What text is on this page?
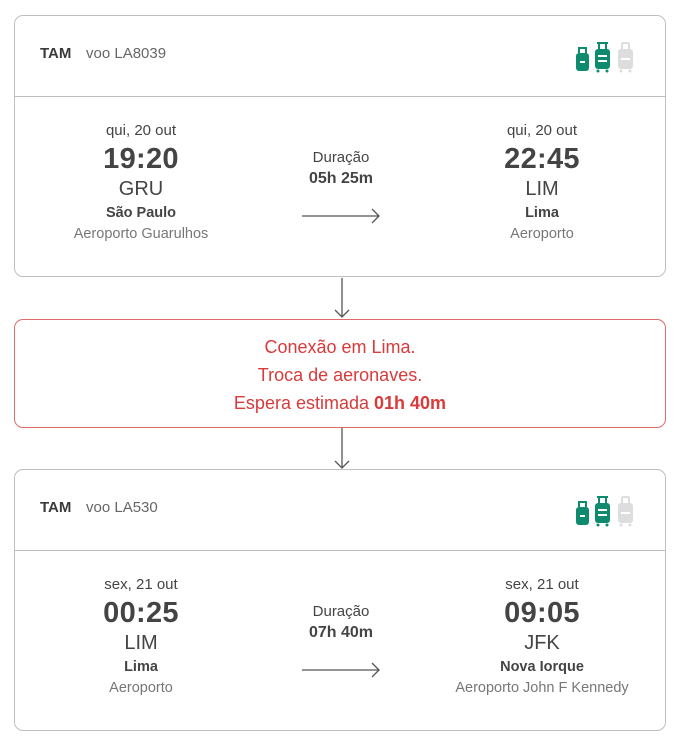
TAM voo LA8039
qui, 20 out
19:20
GRU
São Paulo
Aeroporto Guarulhos
Duração
05h 25m
qui, 20 out
22:45
LIM
Lima
Aeroporto
Conexão em Lima.
Troca de aeronaves.
Espera estimada 01h 40m
TAM voo LA530
sex, 21 out
00:25
LIM
Lima
Aeroporto
Duração
07h 40m
sex, 21 out
09:05
JFK
Nova Iorque
Aeroporto John F Kennedy
